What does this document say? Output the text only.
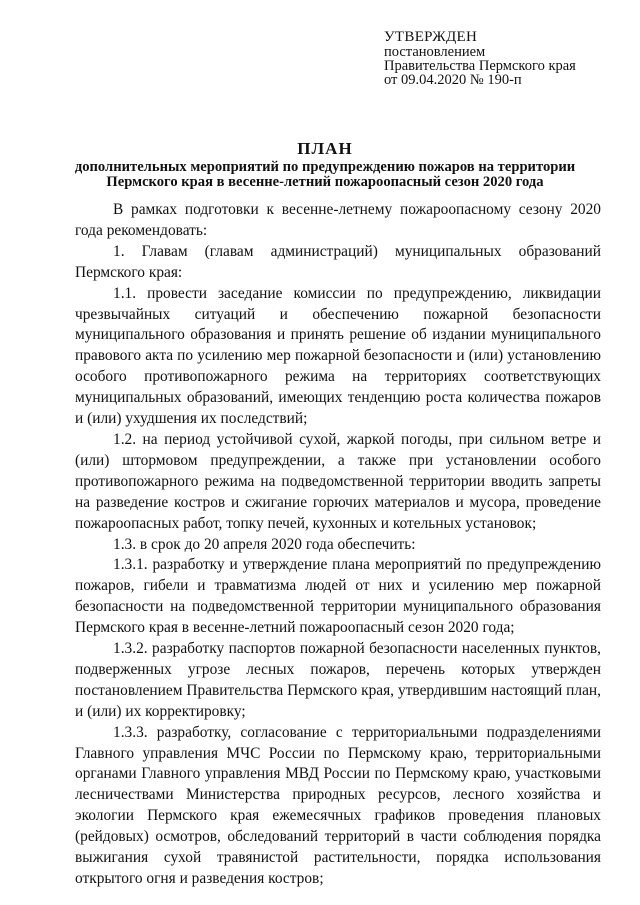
УТВЕРЖДЕН
постановлением
Правительства Пермского края
от 09.04.2020 № 190-п
ПЛАН
дополнительных мероприятий по предупреждению пожаров на территории
Пермского края в весенне-летний пожароопасный сезон 2020 года

В рамках подготовки к весенне-летнему пожароопасному сезону 2020 года рекомендовать:

1. Главам (главам администраций) муниципальных образований Пермского края:

1.1. провести заседание комиссии по предупреждению, ликвидации чрезвычайных ситуаций и обеспечению пожарной безопасности муниципального образования и принять решение об издании муниципального правового акта по усилению мер пожарной безопасности и (или) установлению особого противопожарного режима на территориях соответствующих муниципальных образований, имеющих тенденцию роста количества пожаров и (или) ухудшения их последствий;

1.2. на период устойчивой сухой, жаркой погоды, при сильном ветре и (или) штормовом предупреждении, а также при установлении особого противопожарного режима на подведомственной территории вводить запреты на разведение костров и сжигание горючих материалов и мусора, проведение пожароопасных работ, топку печей, кухонных и котельных установок;

1.3. в срок до 20 апреля 2020 года обеспечить:

1.3.1. разработку и утверждение плана мероприятий по предупреждению пожаров, гибели и травматизма людей от них и усилению мер пожарной безопасности на подведомственной территории муниципального образования Пермского края в весенне-летний пожароопасный сезон 2020 года;

1.3.2. разработку паспортов пожарной безопасности населенных пунктов, подверженных угрозе лесных пожаров, перечень которых утвержден постановлением Правительства Пермского края, утвердившим настоящий план, и (или) их корректировку;

1.3.3. разработку, согласование с территориальными подразделениями Главного управления МЧС России по Пермскому краю, территориальными органами Главного управления МВД России по Пермскому краю, участковыми лесничествами Министерства природных ресурсов, лесного хозяйства и экологии Пермского края ежемесячных графиков проведения плановых (рейдовых) осмотров, обследований территорий в части соблюдения порядка выжигания сухой травянистой растительности, порядка использования открытого огня и разведения костров;
